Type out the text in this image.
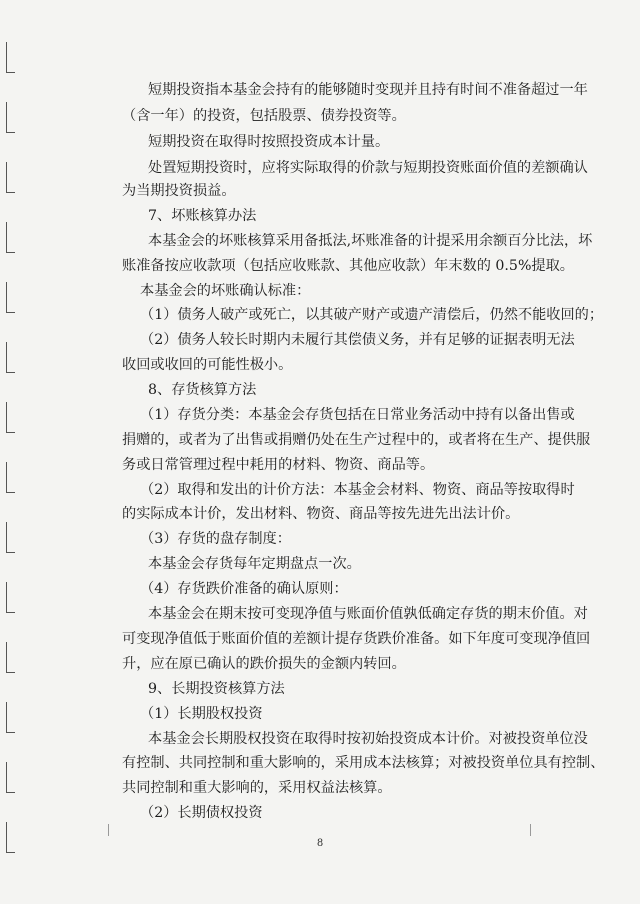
短期投资指本基金会持有的能够随时变现并且持有时间不准备超过一年
（含一年）的投资，包括股票、债券投资等。
短期投资在取得时按照投资成本计量。
处置短期投资时，应将实际取得的价款与短期投资账面价值的差额确认
为当期投资损益。
7、坏账核算办法
本基金会的坏账核算采用备抵法,坏账准备的计提采用余额百分比法，坏
账准备按应收款项（包括应收账款、其他应收款）年末数的 0.5%提取。
本基金会的坏账确认标准：
（1）债务人破产或死亡，以其破产财产或遗产清偿后，仍然不能收回的；
（2）债务人较长时期内未履行其偿债义务，并有足够的证据表明无法
收回或收回的可能性极小。
8、存货核算方法
（1）存货分类：本基金会存货包括在日常业务活动中持有以备出售或
捐赠的，或者为了出售或捐赠仍处在生产过程中的，或者将在生产、提供服
务或日常管理过程中耗用的材料、物资、商品等。
（2）取得和发出的计价方法：本基金会材料、物资、商品等按取得时
的实际成本计价，发出材料、物资、商品等按先进先出法计价。
（3）存货的盘存制度：
本基金会存货每年定期盘点一次。
（4）存货跌价准备的确认原则：
本基金会在期末按可变现净值与账面价值孰低确定存货的期末价值。对
可变现净值低于账面价值的差额计提存货跌价准备。如下年度可变现净值回
升，应在原已确认的跌价损失的金额内转回。
9、长期投资核算方法
（1）长期股权投资
本基金会长期股权投资在取得时按初始投资成本计价。对被投资单位没
有控制、共同控制和重大影响的，采用成本法核算；对被投资单位具有控制、
共同控制和重大影响的，采用权益法核算。
（2）长期债权投资
8
